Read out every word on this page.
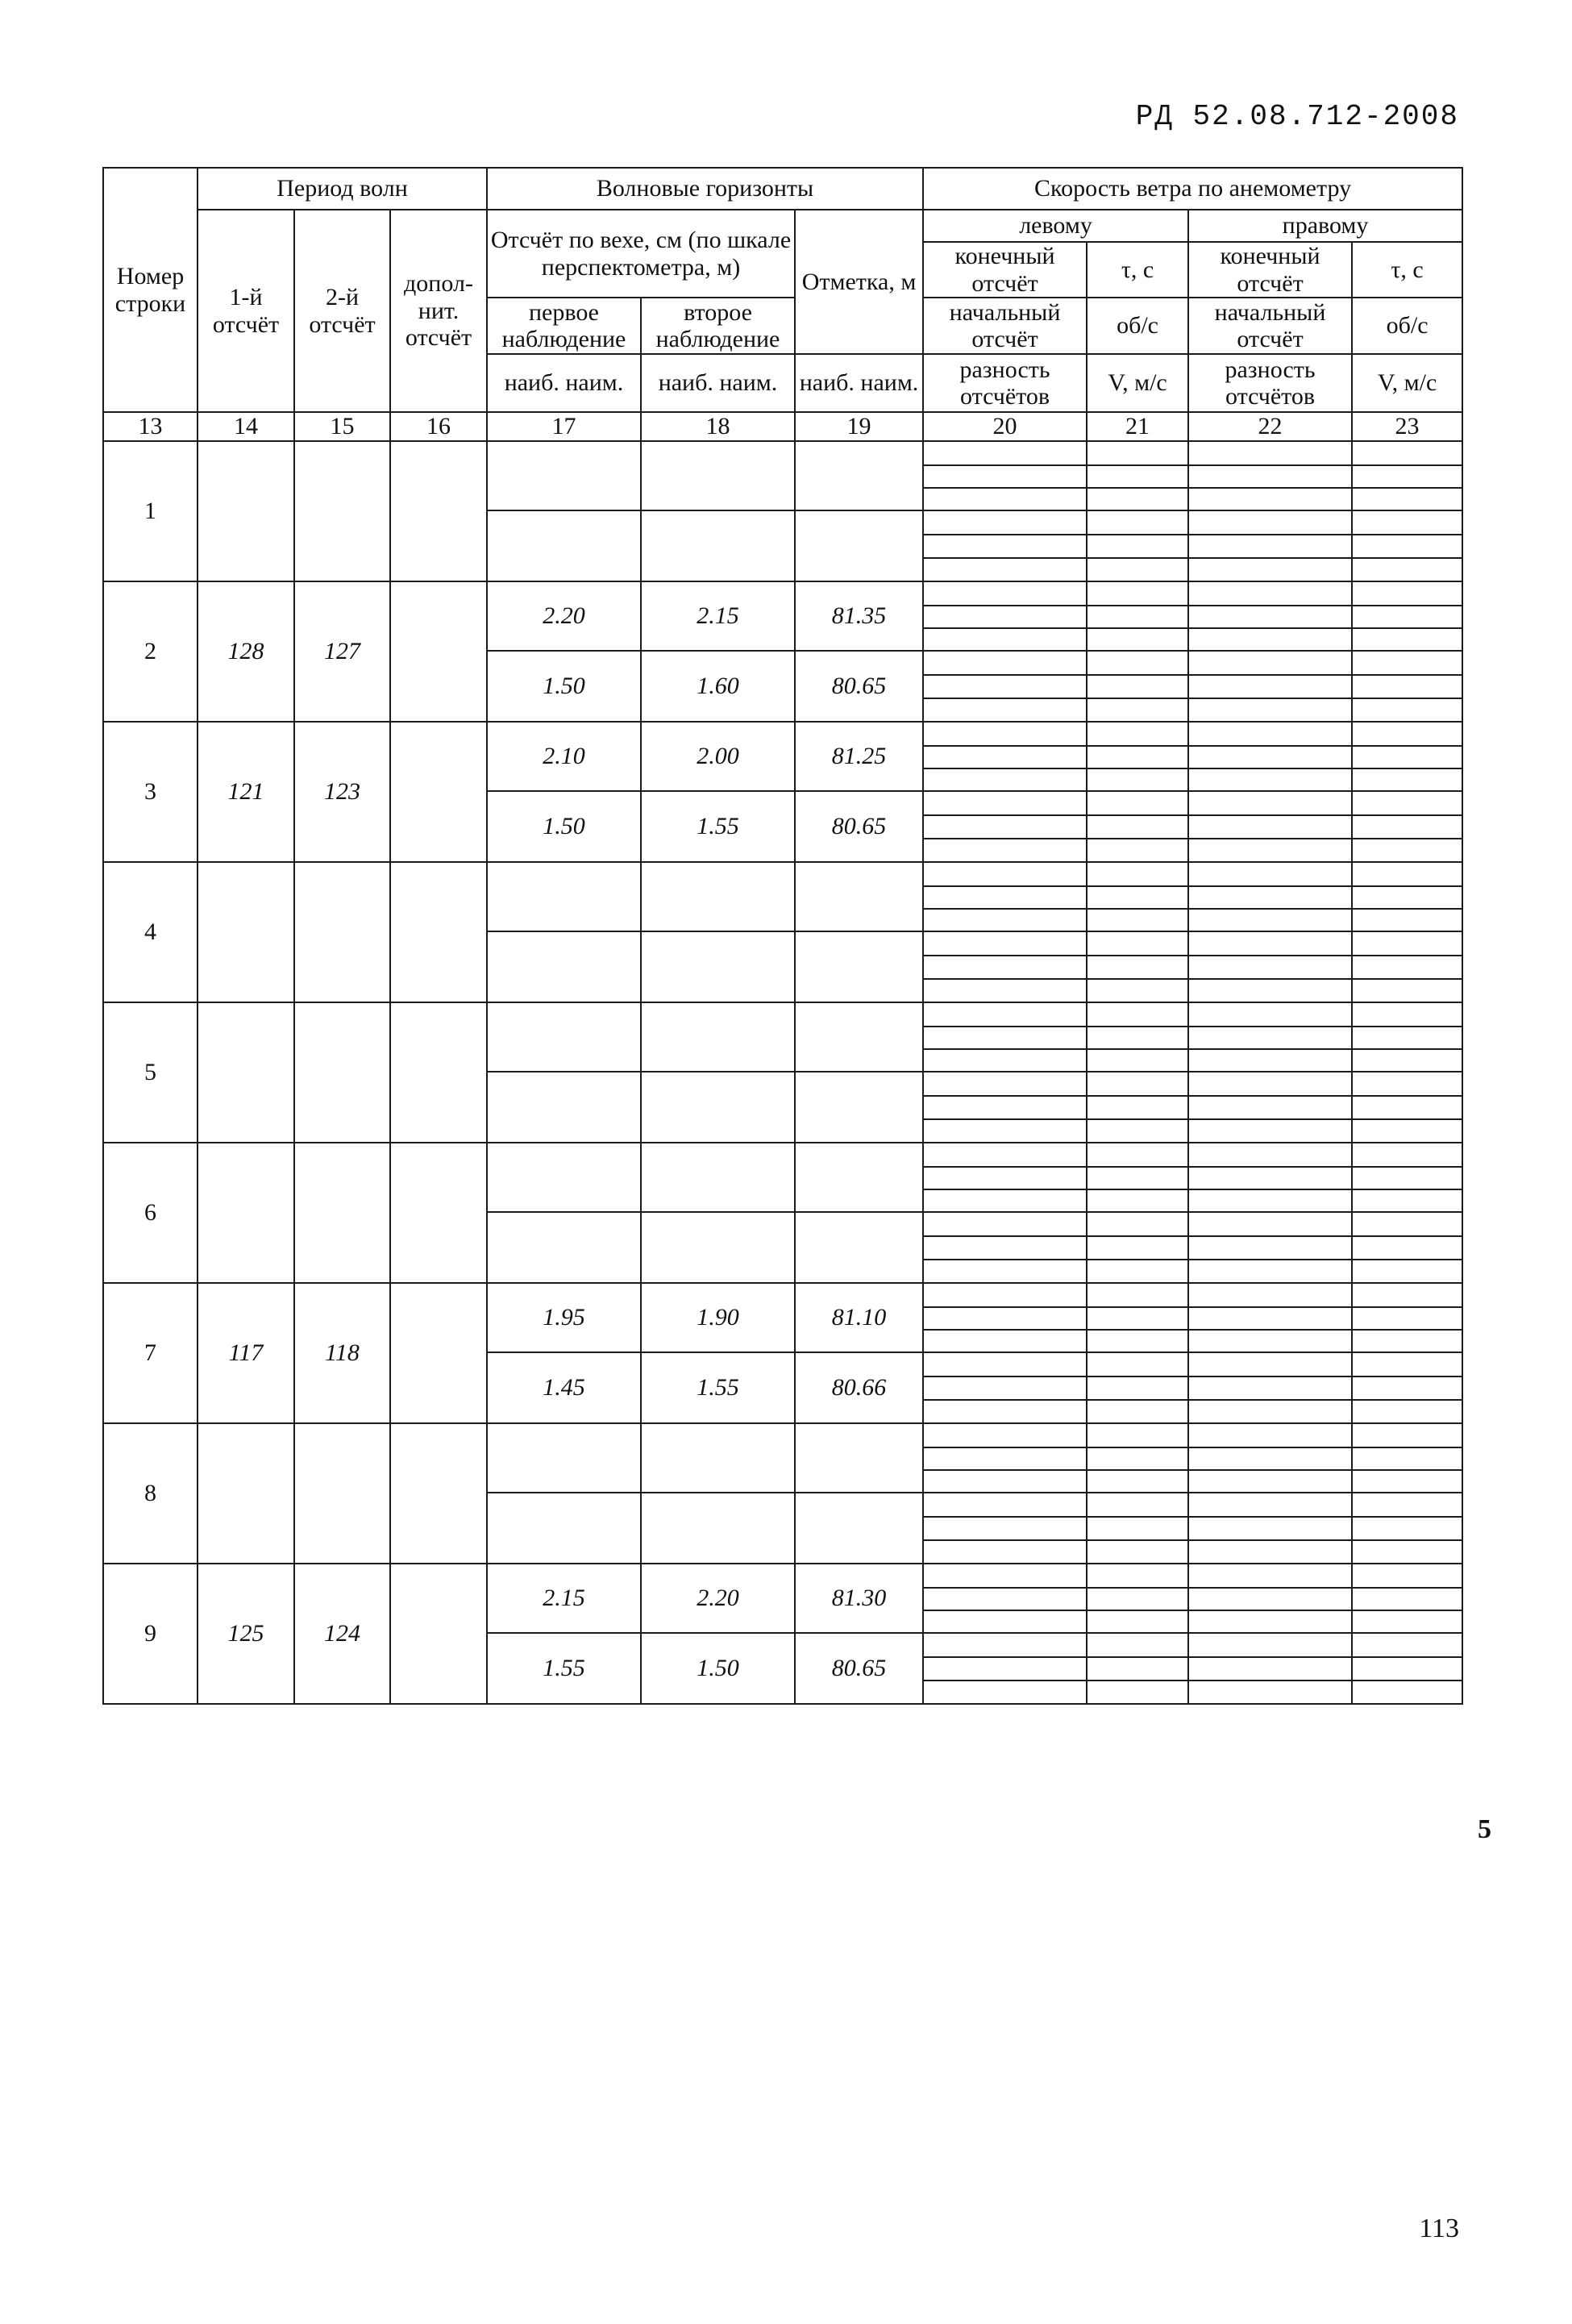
РД 52.08.712-2008
Номер строки	Период волн			Волновые горизонты			Скорость ветра по анемометру			
	1-й отсчёт	2-й отсчёт	допол-нит. отсчёт	Отсчёт по вехе, см (по шкале перспектометра, м)		Отметка, м	левому		правому	
							конечный отсчёт	τ, с	конечный отсчёт	τ, с
				первое наблюдение	второе наблюдение		начальный отсчёт	об/с	начальный отсчёт	об/с
				наиб. наим.	наиб. наим.	наиб. наим.	разность отсчётов	V, м/с	разность отсчётов	V, м/с
13	14	15	16	17	18	19	20	21	22	23
1										

2	128	127		2.20	2.15	81.35				

				1.50	1.60	80.65				

3	121	123		2.10	2.00	81.25				

				1.50	1.55	80.65				

4										

5										

6										

7	117	118		1.95	1.90	81.10				

				1.45	1.55	80.66				

8										

9	125	124		2.15	2.20	81.30				

				1.55	1.50	80.65				

5
113
